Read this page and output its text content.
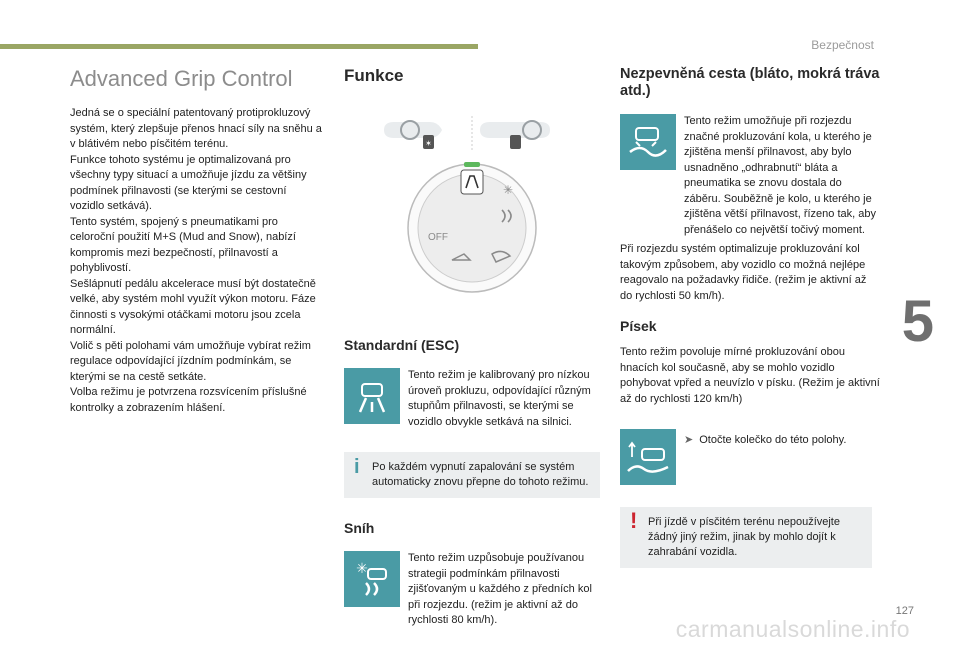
Bezpečnost
5
127
carmanualsonline.info
Advanced Grip Control

Jedná se o speciální patentovaný protiprokluzový systém, který zlepšuje přenos hnací síly na sněhu a v blátivém nebo písčitém terénu.

Funkce tohoto systému je optimalizovaná pro všechny typy situací a umožňuje jízdu za většiny podmínek přilnavosti (se kterými se cestovní vozidlo setkává).

Tento systém, spojený s pneumatikami pro celoroční použití M+S (Mud and Snow), nabízí kompromis mezi bezpečností, přilnavostí a pohyblivostí.

Sešlápnutí pedálu akcelerace musí být dostatečně velké, aby systém mohl využít výkon motoru. Fáze činnosti s vysokými otáčkami motoru jsou zcela normální.

Volič s pěti polohami vám umožňuje vybírat režim regulace odpovídající jízdním podmínkám, se kterými se na cestě setkáte.

Volba režimu je potvrzena rozsvícením příslušné kontrolky a zobrazením hlášení.

Funkce
✶
✳
OFF
Standardní (ESC)
Tento režim je kalibrovaný pro nízkou úroveň prokluzu, odpovídající různým stupňům přilnavosti, se kterými se vozidlo obvykle setkává na silnici.
i Po každém vypnutí zapalování se systém automaticky znovu přepne do tohoto režimu.
Sníh
✳
Tento režim uzpůsobuje používanou strategii podmínkám přilnavosti zjišťovaným u každého z předních kol při rozjezdu. (režim je aktivní až do rychlosti 80 km/h).
Nezpevněná cesta (bláto, mokrá tráva atd.)
Tento režim umožňuje při rozjezdu značné prokluzování kola, u kterého je zjištěna menší přilnavost, aby bylo usnadněno „odhrabnutí“ bláta a pneumatika se znovu dostala do záběru. Souběžně je kolo, u kterého je zjištěna větší přilnavost, řízeno tak, aby přenášelo co největší točivý moment.

Při rozjezdu systém optimalizuje prokluzování kol takovým způsobem, aby vozidlo co možná nejlépe reagovalo na požadavky řidiče. (režim je aktivní až do rychlosti 50 km/h).

Písek

Tento režim povoluje mírné prokluzování obou hnacích kol současně, aby se mohlo vozidlo pohybovat vpřed a neuvízlo v písku. (Režim je aktivní až do rychlosti 120 km/h)

➤ Otočte kolečko do této polohy.
! Při jízdě v písčitém terénu nepoužívejte žádný jiný režim, jinak by mohlo dojít k zahrabání vozidla.
